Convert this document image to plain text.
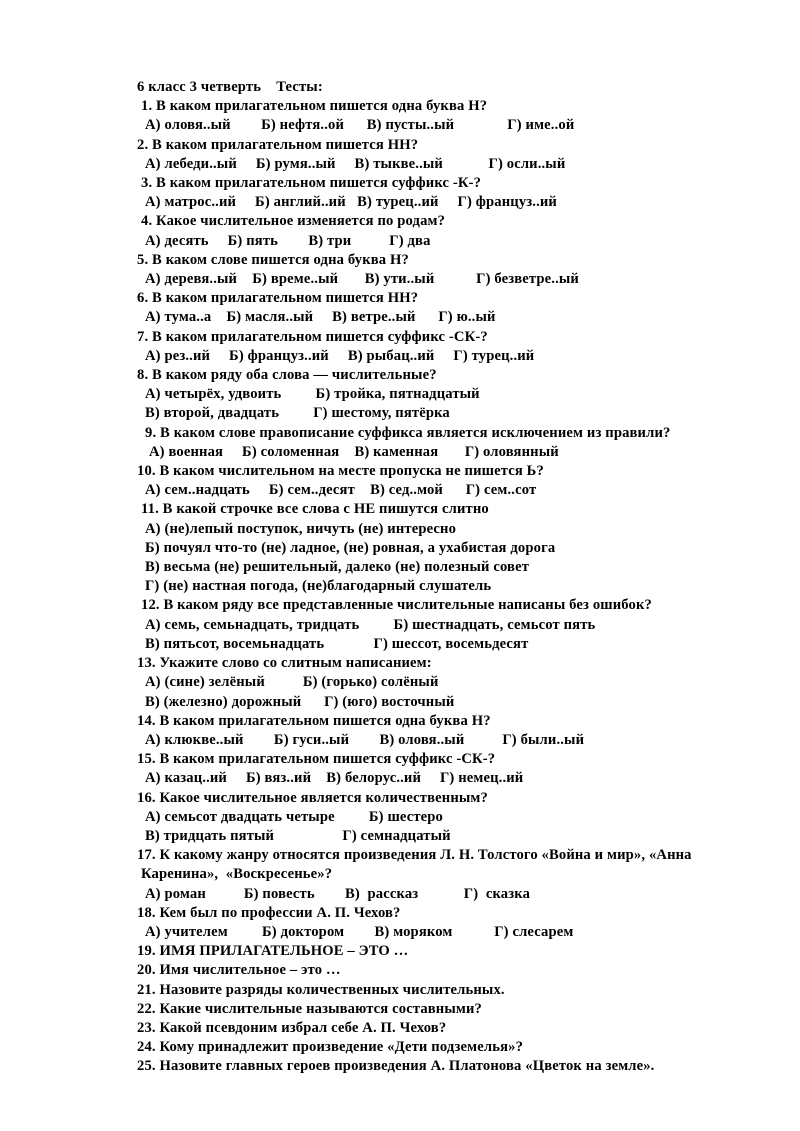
6 класс 3 четверть    Тесты:
1. В каком прилагательном пишется одна буква Н?
А) оловя..ый        Б) нефтя..ой      В) пусты..ый              Г) име..ой
2. В каком прилагательном пишется НН?
А) лебеди..ый     Б) румя..ый     В) тыкве..ый            Г) осли..ый
3. В каком прилагательном пишется суффикс -К-?
А) матрос..ий     Б) англий..ий   В) турец..ий     Г) француз..ий
4. Какое числительное изменяется по родам?
А) десять     Б) пять        В) три          Г) два
5. В каком слове пишется одна буква Н?
А) деревя..ый    Б) време..ый       В) ути..ый           Г) безветре..ый
6. В каком прилагательном пишется НН?
А) тума..а    Б) масля..ый     В) ветре..ый      Г) ю..ый
7. В каком прилагательном пишется суффикс -СК-?
А) рез..ий     Б) француз..ий     В) рыбац..ий     Г) турец..ий
8. В каком ряду оба слова — числительные?
А) четырёх, удвоить         Б) тройка, пятнадцатый
В) второй, двадцать         Г) шестому, пятёрка
9. В каком слове правописание суффикса является исключением из правили?
А) военная     Б) соломенная    В) каменная       Г) оловянный
10. В каком числительном на месте пропуска не пишется Ь?
А) сем..надцать     Б) сем..десят    В) сед..мой      Г) сем..сот
11. В какой строчке все слова с НЕ пишутся слитно
А) (не)лепый поступок, ничуть (не) интересно
Б) почуял что-то (не) ладное, (не) ровная, а ухабистая дорога
В) весьма (не) решительный, далеко (не) полезный совет
Г) (не) настная погода, (не)благодарный слушатель
12. В каком ряду все представленные числительные написаны без ошибок?
А) семь, семьнадцать, тридцать         Б) шестнадцать, семьсот пять
В) пятьсот, восемьнадцать             Г) шессот, восемьдесят
13. Укажите слово со слитным написанием:
А) (сине) зелёный          Б) (горько) солёный
В) (железно) дорожный      Г) (юго) восточный
14. В каком прилагательном пишется одна буква Н?
А) клюкве..ый        Б) гуси..ый        В) оловя..ый          Г) были..ый
15. В каком прилагательном пишется суффикс -СК-?
А) казац..ий     Б) вяз..ий    В) белорус..ий     Г) немец..ий
16. Какое числительное является количественным?
А) семьсот двадцать четыре         Б) шестеро
В) тридцать пятый                  Г) семнадцатый
17. К какому жанру относятся произведения Л. Н. Толстого «Война и мир», «Анна
Каренина»,  «Воскресенье»?
А) роман          Б) повесть        В)  рассказ            Г)  сказка
18. Кем был по профессии А. П. Чехов?
А) учителем         Б) доктором        В) моряком           Г) слесарем
19. ИМЯ ПРИЛАГАТЕЛЬНОЕ – ЭТО …
20. Имя числительное – это …
21. Назовите разряды количественных числительных.
22. Какие числительные называются составными?
23. Какой псевдоним избрал себе А. П. Чехов?
24. Кому принадлежит произведение «Дети подземелья»?
25. Назовите главных героев произведения А. Платонова «Цветок на земле».
